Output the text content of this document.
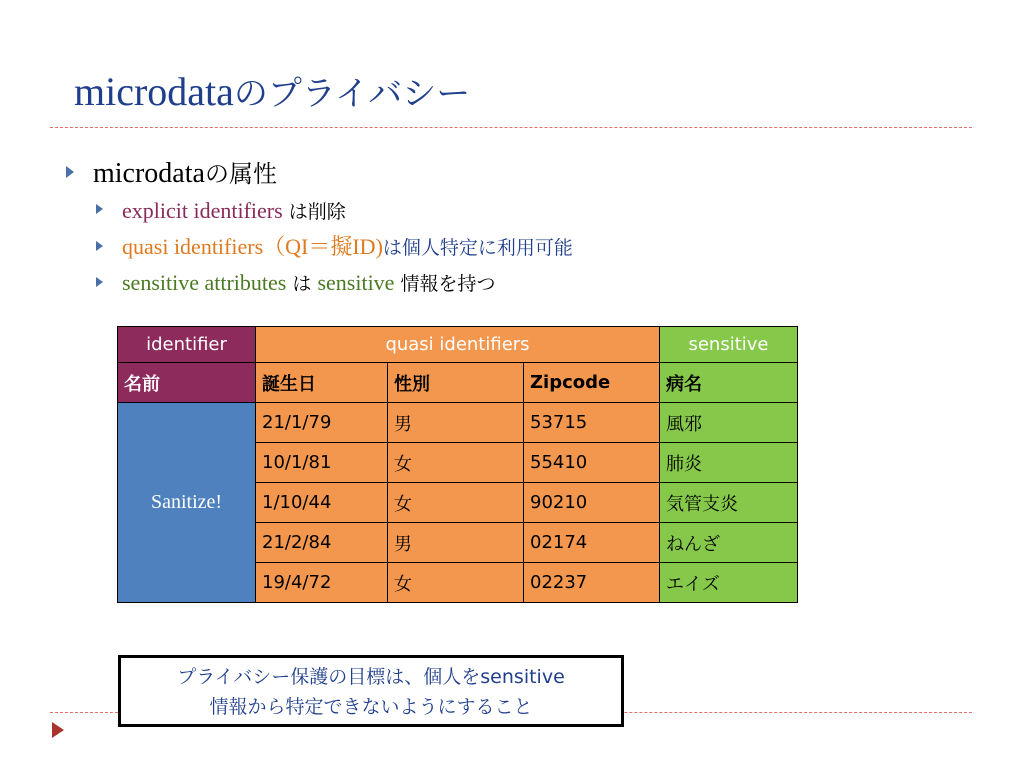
microdataのプライバシー
microdataの属性
explicit identifiers は削除
quasi identifiers（QI＝擬ID)は個人特定に利用可能
sensitive attributes は sensitive 情報を持つ
identifier	quasi identifiers			sensitive
名前	誕生日	性別	Zipcode	病名
Sanitize!	21/1/79	男	53715	風邪
	10/1/81	女	55410	肺炎
	1/10/44	女	90210	気管支炎
	21/2/84	男	02174	ねんざ
	19/4/72	女	02237	エイズ
プライバシー保護の目標は、個人をsensitive
情報から特定できないようにすること
